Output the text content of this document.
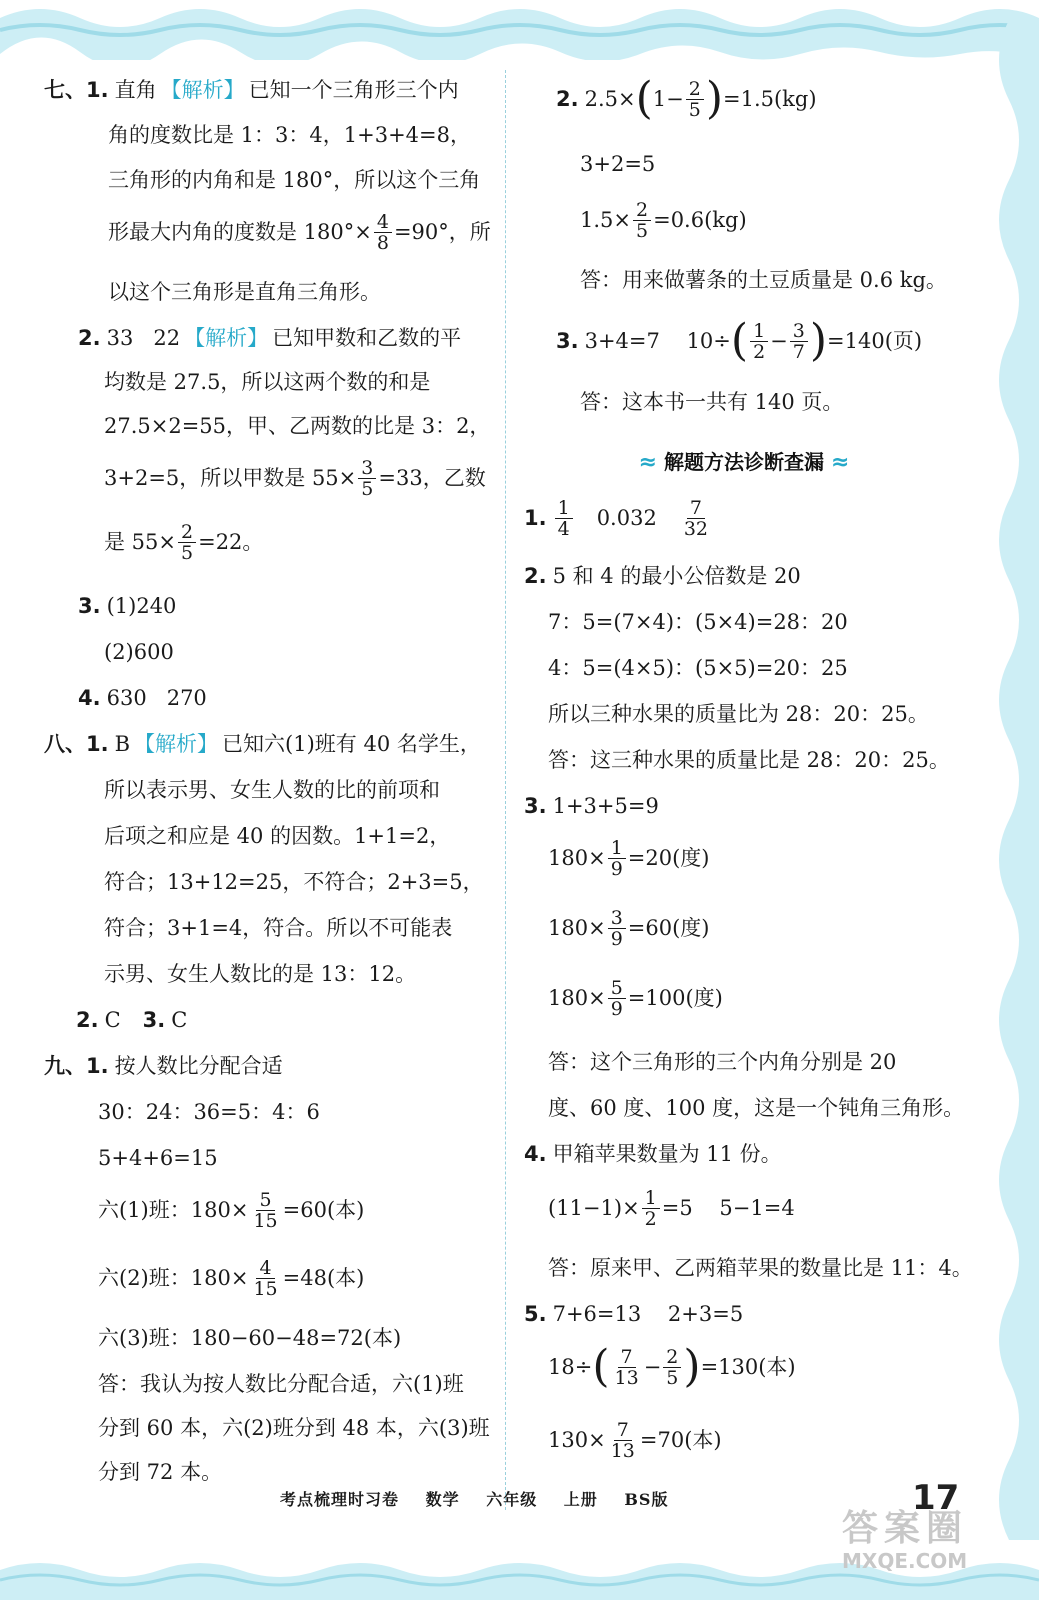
七、1. 直角 【解析】 已知一个三角形三个内
角的度数比是 1：3：4，1+3+4=8，
三角形的内角和是 180°，所以这个三角
形最大内角的度数是 $180^\circ\times \frac{4}{8} =90^\circ$，所
以这个三角形是直角三角形。
2. 33   22 【解析】 已知甲数和乙数的平
均数是 27.5，所以这两个数的和是
27.5×2=55，甲、乙两数的比是 3：2，
3+2=5，所以甲数是 $55\times \frac{3}{5} =33$，乙数
是 $55\times \frac{2}{5} =22$。
3. (1)240
(2)600
4. 630   270
八、1. B 【解析】 已知六(1)班有 40 名学生，
所以表示男、女生人数的比的前项和
后项之和应是 40 的因数。1+1=2，
符合；13+12=25，不符合；2+3=5，
符合；3+1=4，符合。所以不可能表
示男、女生人数比的是 13：12。
2. C 3. C
九、1. 按人数比分配合适
30：24：36=5：4：6
5+4+6=15
六(1)班：$180\times \frac{5}{15} =60$(本)
六(2)班：$180\times \frac{4}{15} =48$(本)
六(3)班：180−60−48=72(本)
答：我认为按人数比分配合适，六(1)班
分到 60 本，六(2)班分到 48 本，六(3)班
分到 72 本。
2. 2.5× ( $1- \frac{2}{5}$ ) =1.5(kg)
3+2=5
$1.5\times \frac{2}{5} =0.6(kg)$
答：用来做薯条的土豆质量是 0.6 kg。
3. 3+4=7    10÷ ( $\frac{1}{2} - \frac{3}{7}$ ) =140(页)
答：这本书一共有 140 页。
≈ 解题方法诊断查漏 ≈
1. $\frac{1}{4} 0.032 \frac{7}{32}$
2. 5 和 4 的最小公倍数是 20
7：5=(7×4)：(5×4)=28：20
4：5=(4×5)：(5×5)=20：25
所以三种水果的质量比为 28：20：25。
答：这三种水果的质量比是 28：20：25。
3. 1+3+5=9
$180\times \frac{1}{9} =20$(度)
$180\times \frac{3}{9} =60$(度)
$180\times \frac{5}{9} =100$(度)
答：这个三角形的三个内角分别是 20
度、60 度、100 度，这是一个钝角三角形。
4. 甲箱苹果数量为 11 份。
$(11-1)\times \frac{1}{2} =5$    5−1=4
答：原来甲、乙两箱苹果的数量比是 11：4。
5. 7+6=13    2+3=5
18÷ ( $\frac{7}{13} - \frac{2}{5}$ ) =130(本)
$130\times \frac{7}{13} =70$(本)
考点梳理时习卷 数学 六年级 上册 BS版	17
答案圈
MXQE.COM
